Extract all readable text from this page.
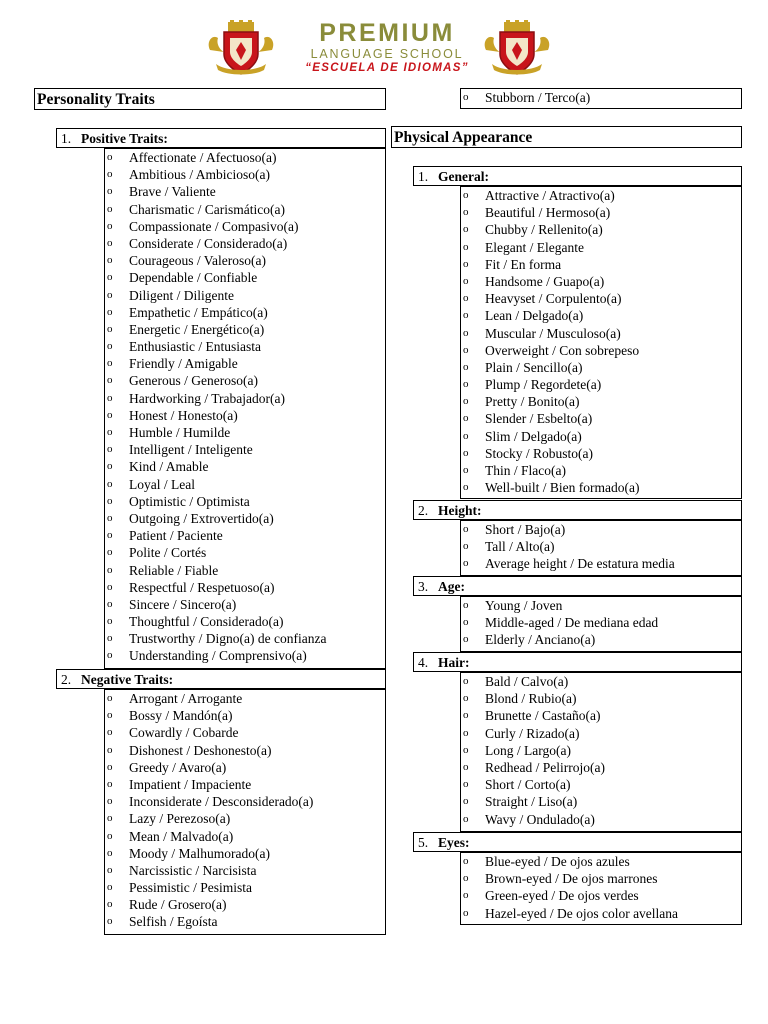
PREMIUM
LANGUAGE SCHOOL
“ESCUELA DE IDIOMAS”
Personality Traits
1. Positive Traits:
o Affectionate / Afectuoso(a)
o Ambitious / Ambicioso(a)
o Brave / Valiente
o Charismatic / Carismático(a)
o Compassionate / Compasivo(a)
o Considerate / Considerado(a)
o Courageous / Valeroso(a)
o Dependable / Confiable
o Diligent / Diligente
o Empathetic / Empático(a)
o Energetic / Energético(a)
o Enthusiastic / Entusiasta
o Friendly / Amigable
o Generous / Generoso(a)
o Hardworking / Trabajador(a)
o Honest / Honesto(a)
o Humble / Humilde
o Intelligent / Inteligente
o Kind / Amable
o Loyal / Leal
o Optimistic / Optimista
o Outgoing / Extrovertido(a)
o Patient / Paciente
o Polite / Cortés
o Reliable / Fiable
o Respectful / Respetuoso(a)
o Sincere / Sincero(a)
o Thoughtful / Considerado(a)
o Trustworthy / Digno(a) de confianza
o Understanding / Comprensivo(a)
2. Negative Traits:
o Arrogant / Arrogante
o Bossy / Mandón(a)
o Cowardly / Cobarde
o Dishonest / Deshonesto(a)
o Greedy / Avaro(a)
o Impatient / Impaciente
o Inconsiderate / Desconsiderado(a)
o Lazy / Perezoso(a)
o Mean / Malvado(a)
o Moody / Malhumorado(a)
o Narcissistic / Narcisista
o Pessimistic / Pesimista
o Rude / Grosero(a)
o Selfish / Egoísta
o Stubborn / Terco(a)
Physical Appearance
1. General:
o Attractive / Atractivo(a)
o Beautiful / Hermoso(a)
o Chubby / Rellenito(a)
o Elegant / Elegante
o Fit / En forma
o Handsome / Guapo(a)
o Heavyset / Corpulento(a)
o Lean / Delgado(a)
o Muscular / Musculoso(a)
o Overweight / Con sobrepeso
o Plain / Sencillo(a)
o Plump / Regordete(a)
o Pretty / Bonito(a)
o Slender / Esbelto(a)
o Slim / Delgado(a)
o Stocky / Robusto(a)
o Thin / Flaco(a)
o Well-built / Bien formado(a)
2. Height:
o Short / Bajo(a)
o Tall / Alto(a)
o Average height / De estatura media
3. Age:
o Young / Joven
o Middle-aged / De mediana edad
o Elderly / Anciano(a)
4. Hair:
o Bald / Calvo(a)
o Blond / Rubio(a)
o Brunette / Castaño(a)
o Curly / Rizado(a)
o Long / Largo(a)
o Redhead / Pelirrojo(a)
o Short / Corto(a)
o Straight / Liso(a)
o Wavy / Ondulado(a)
5. Eyes:
o Blue-eyed / De ojos azules
o Brown-eyed / De ojos marrones
o Green-eyed / De ojos verdes
o Hazel-eyed / De ojos color avellana
